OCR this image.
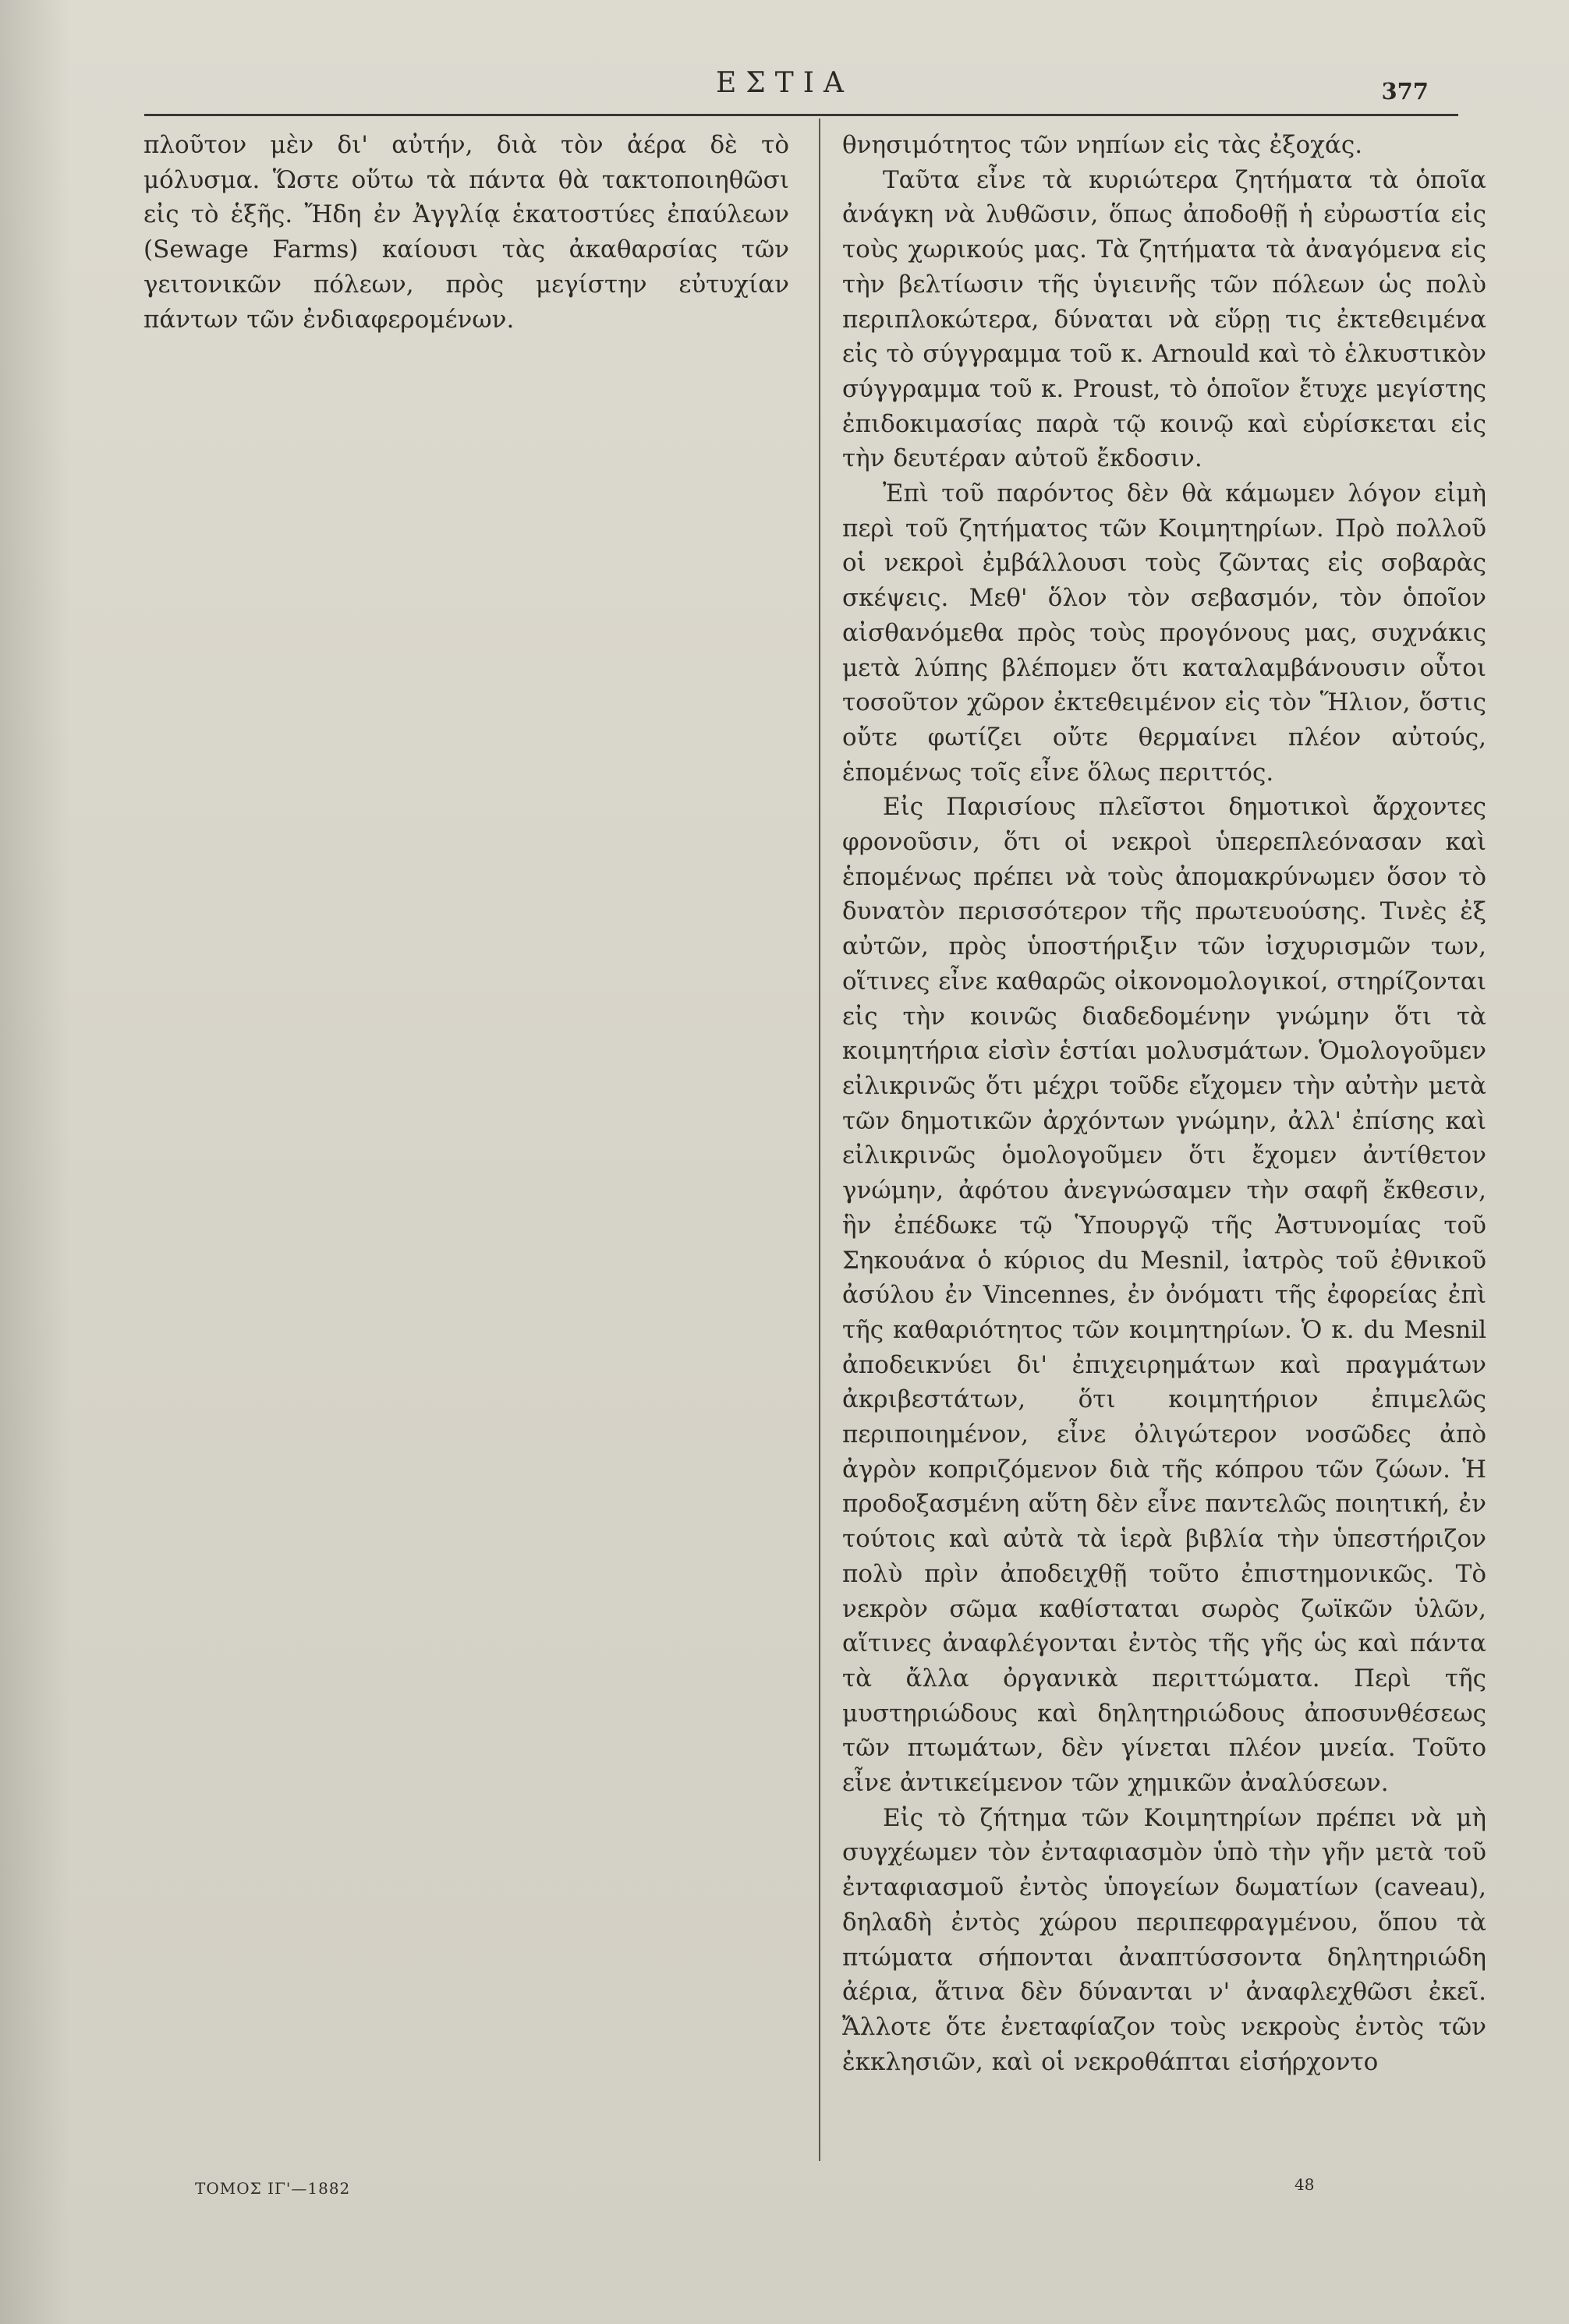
ΕΣΤΙΑ	377

πλοῦτον μὲν δι' αὐτήν, διὰ τὸν ἀέρα δὲ τὸ μόλυσμα. Ὥστε οὕτω τὰ πάντα θὰ τακτοποιηθῶσι εἰς τὸ ἑξῆς. Ἤδη ἐν Ἀγγλίᾳ ἑκατοστύες ἐπαύλεων (Sewage Farms) καίουσι τὰς ἀκαθαρσίας τῶν γειτονικῶν πόλεων, πρὸς μεγίστην εὐτυχίαν πάντων τῶν ἐνδιαφερομένων.

θνησιμότητος τῶν νηπίων εἰς τὰς ἐξοχάς.

Ταῦτα εἶνε τὰ κυριώτερα ζητήματα τὰ ὁποῖα ἀνάγκη νὰ λυθῶσιν, ὅπως ἀποδοθῇ ἡ εὐρωστία εἰς τοὺς χωρικούς μας. Τὰ ζητήματα τὰ ἀναγόμενα εἰς τὴν βελτίωσιν τῆς ὑγιεινῆς τῶν πόλεων ὡς πολὺ περιπλοκώτερα, δύναται νὰ εὕρῃ τις ἐκτεθειμένα εἰς τὸ σύγγραμμα τοῦ κ. Arnould καὶ τὸ ἑλκυστικὸν σύγγραμμα τοῦ κ. Proust, τὸ ὁποῖον ἔτυχε μεγίστης ἐπιδοκιμασίας παρὰ τῷ κοινῷ καὶ εὑρίσκεται εἰς τὴν δευτέραν αὐτοῦ ἔκδοσιν.

Ἐπὶ τοῦ παρόντος δὲν θὰ κάμωμεν λόγον εἰμὴ περὶ τοῦ ζητήματος τῶν Κοιμητηρίων. Πρὸ πολλοῦ οἱ νεκροὶ ἐμβάλλουσι τοὺς ζῶντας εἰς σοβαρὰς σκέψεις. Μεθ' ὅλον τὸν σεβασμόν, τὸν ὁποῖον αἰσθανόμεθα πρὸς τοὺς προγόνους μας, συχνάκις μετὰ λύπης βλέπομεν ὅτι καταλαμβάνουσιν οὗτοι τοσοῦτον χῶρον ἐκτεθειμένον εἰς τὸν Ἥλιον, ὅστις οὔτε φωτίζει οὔτε θερμαίνει πλέον αὐτούς, ἑπομένως τοῖς εἶνε ὅλως περιττός.

Εἰς Παρισίους πλεῖστοι δημοτικοὶ ἄρχοντες φρονοῦσιν, ὅτι οἱ νεκροὶ ὑπερεπλεόνασαν καὶ ἑπομένως πρέπει νὰ τοὺς ἀπομακρύνωμεν ὅσον τὸ δυνατὸν περισσότερον τῆς πρωτευούσης. Τινὲς ἐξ αὐτῶν, πρὸς ὑποστήριξιν τῶν ἰσχυρισμῶν των, οἵτινες εἶνε καθαρῶς οἰκονομολογικοί, στηρίζονται εἰς τὴν κοινῶς διαδεδομένην γνώμην ὅτι τὰ κοιμητήρια εἰσὶν ἑστίαι μολυσμάτων. Ὁμολογοῦμεν εἰλικρινῶς ὅτι μέχρι τοῦδε εἴχομεν τὴν αὐτὴν μετὰ τῶν δημοτικῶν ἀρχόντων γνώμην, ἀλλ' ἐπίσης καὶ εἰλικρινῶς ὁμολογοῦμεν ὅτι ἔχομεν ἀντίθετον γνώμην, ἀφότου ἀνεγνώσαμεν τὴν σαφῆ ἔκθεσιν, ἣν ἐπέδωκε τῷ Ὑπουργῷ τῆς Ἀστυνομίας τοῦ Σηκουάνα ὁ κύριος du Mesnil, ἰατρὸς τοῦ ἐθνικοῦ ἀσύλου ἐν Vincennes, ἐν ὀνόματι τῆς ἐφορείας ἐπὶ τῆς καθαριότητος τῶν κοιμητηρίων. Ὁ κ. du Mesnil ἀποδεικνύει δι' ἐπιχειρημάτων καὶ πραγμάτων ἀκριβεστάτων, ὅτι κοιμητήριον ἐπιμελῶς περιποιημένον, εἶνε ὀλιγώτερον νοσῶδες ἀπὸ ἀγρὸν κοπριζόμενον διὰ τῆς κόπρου τῶν ζώων. Ἡ προδοξασμένη αὕτη δὲν εἶνε παντελῶς ποιητική, ἐν τούτοις καὶ αὐτὰ τὰ ἱερὰ βιβλία τὴν ὑπεστήριζον πολὺ πρὶν ἀποδειχθῇ τοῦτο ἐπιστημονικῶς. Τὸ νεκρὸν σῶμα καθίσταται σωρὸς ζωϊκῶν ὑλῶν, αἵτινες ἀναφλέγονται ἐντὸς τῆς γῆς ὡς καὶ πάντα τὰ ἄλλα ὀργανικὰ περιττώματα. Περὶ τῆς μυστηριώδους καὶ δηλητηριώδους ἀποσυνθέσεως τῶν πτωμάτων, δὲν γίνεται πλέον μνεία. Τοῦτο εἶνε ἀντικείμενον τῶν χημικῶν ἀναλύσεων.

Εἰς τὸ ζήτημα τῶν Κοιμητηρίων πρέπει νὰ μὴ συγχέωμεν τὸν ἐνταφιασμὸν ὑπὸ τὴν γῆν μετὰ τοῦ ἐνταφιασμοῦ ἐντὸς ὑπογείων δωματίων (caveau), δηλαδὴ ἐντὸς χώρου περιπεφραγμένου, ὅπου τὰ πτώματα σήπονται ἀναπτύσσοντα δηλητηριώδη ἀέρια, ἅτινα δὲν δύνανται ν' ἀναφλεχθῶσι ἐκεῖ. Ἄλλοτε ὅτε ἐνεταφίαζον τοὺς νεκροὺς ἐντὸς τῶν ἐκκλησιῶν, καὶ οἱ νεκροθάπται εἰσήρχοντο

ΤΟΜΟΣ ΙΓ'—1882	48
